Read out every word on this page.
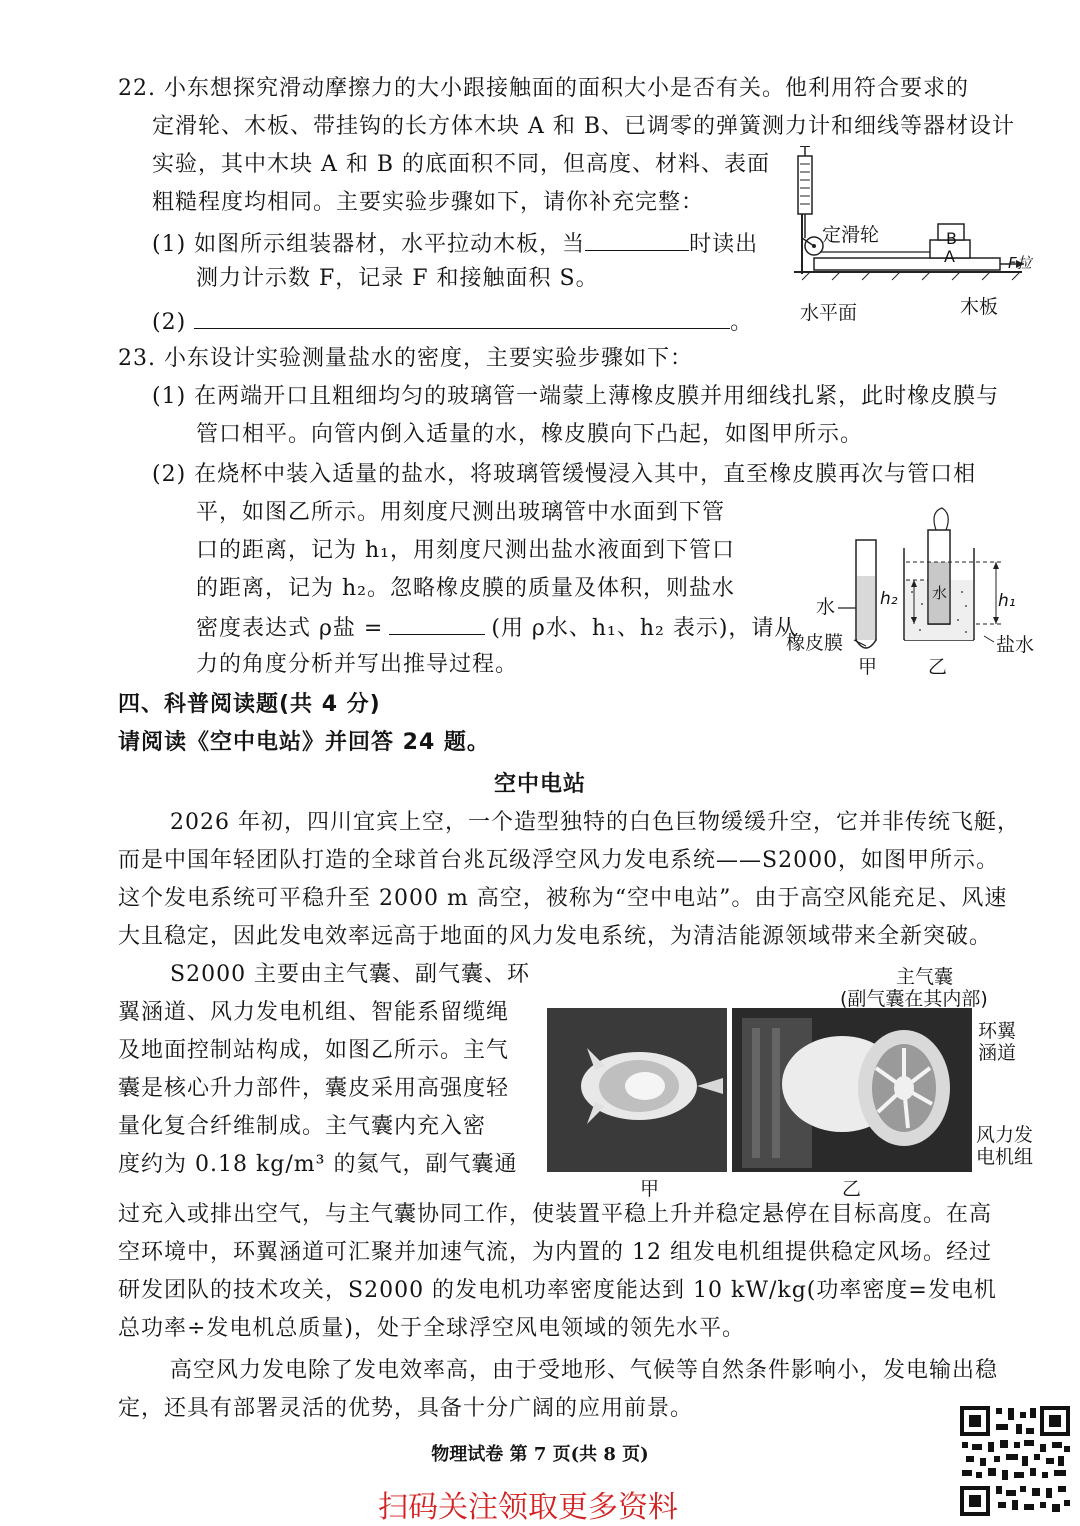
22. 小东想探究滑动摩擦力的大小跟接触面的面积大小是否有关。他利用符合要求的
定滑轮、木板、带挂钩的长方体木块 A 和 B、已调零的弹簧测力计和细线等器材设计
实验，其中木块 A 和 B 的底面积不同，但高度、材料、表面
粗糙程度均相同。主要实验步骤如下，请你补充完整：
(1) 如图所示组装器材，水平拉动木板，当	时读出
测力计示数 F，记录 F 和接触面积 S。
(2)	。
定滑轮	B
A	F拉
水平面	木板
23. 小东设计实验测量盐水的密度，主要实验步骤如下：
(1) 在两端开口且粗细均匀的玻璃管一端蒙上薄橡皮膜并用细线扎紧，此时橡皮膜与
管口相平。向管内倒入适量的水，橡皮膜向下凸起，如图甲所示。
(2) 在烧杯中装入适量的盐水，将玻璃管缓慢浸入其中，直至橡皮膜再次与管口相
平，如图乙所示。用刻度尺测出玻璃管中水面到下管
口的距离，记为 h₁，用刻度尺测出盐水液面到下管口
的距离，记为 h₂。忽略橡皮膜的质量及体积，则盐水
密度表达式 ρ盐 =	(用 ρ水、h₁、h₂ 表示)，请从
力的角度分析并写出推导过程。
水
橡皮膜
甲	乙
h₂	h₁
水
盐水
四、科普阅读题(共 4 分)
请阅读《空中电站》并回答 24 题。
空中电站
2026 年初，四川宜宾上空，一个造型独特的白色巨物缓缓升空，它并非传统飞艇，
而是中国年轻团队打造的全球首台兆瓦级浮空风力发电系统——S2000，如图甲所示。
这个发电系统可平稳升至 2000 m 高空，被称为“空中电站”。由于高空风能充足、风速
大且稳定，因此发电效率远高于地面的风力发电系统，为清洁能源领域带来全新突破。
S2000 主要由主气囊、副气囊、环
翼涵道、风力发电机组、智能系留缆绳
及地面控制站构成，如图乙所示。主气
囊是核心升力部件，囊皮采用高强度轻
量化复合纤维制成。主气囊内充入密
度约为 0.18 kg/m³ 的氦气，副气囊通
过充入或排出空气，与主气囊协同工作，使装置平稳上升并稳定悬停在目标高度。在高
空环境中，环翼涵道可汇聚并加速气流，为内置的 12 组发电机组提供稳定风场。经过
研发团队的技术攻关，S2000 的发电机功率密度能达到 10 kW/kg(功率密度=发电机
总功率÷发电机总质量)，处于全球浮空风电领域的领先水平。
高空风力发电除了发电效率高，由于受地形、气候等自然条件影响小，发电输出稳
定，还具有部署灵活的优势，具备十分广阔的应用前景。
主气囊
(副气囊在其内部)
环翼
涵道
风力发
电机组
甲	乙
物理试卷 第 7 页(共 8 页)
扫码关注领取更多资料
